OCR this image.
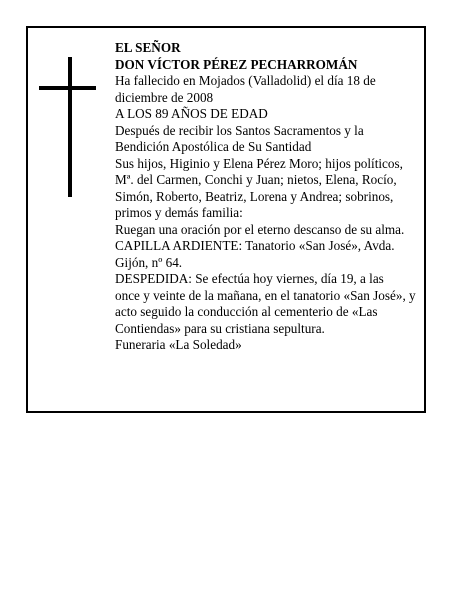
EL SEÑOR
DON VÍCTOR PÉREZ PECHARROMÁN
Ha fallecido en Mojados (Valladolid) el día 18 de
diciembre de 2008
A LOS 89 AÑOS DE EDAD
Después de recibir los Santos Sacramentos y la
Bendición Apostólica de Su Santidad
Sus hijos, Higinio y Elena Pérez Moro; hijos políticos,
Mª. del Carmen, Conchi y Juan; nietos, Elena, Rocío,
Simón, Roberto, Beatriz, Lorena y Andrea; sobrinos,
primos y demás familia:
Ruegan una oración por el eterno descanso de su alma.
CAPILLA ARDIENTE: Tanatorio «San José», Avda.
Gijón, nº 64.
DESPEDIDA: Se efectúa hoy viernes, día 19, a las
once y veinte de la mañana, en el tanatorio «San José», y
acto seguido la conducción al cementerio de «Las
Contiendas» para su cristiana sepultura.
Funeraria «La Soledad»
